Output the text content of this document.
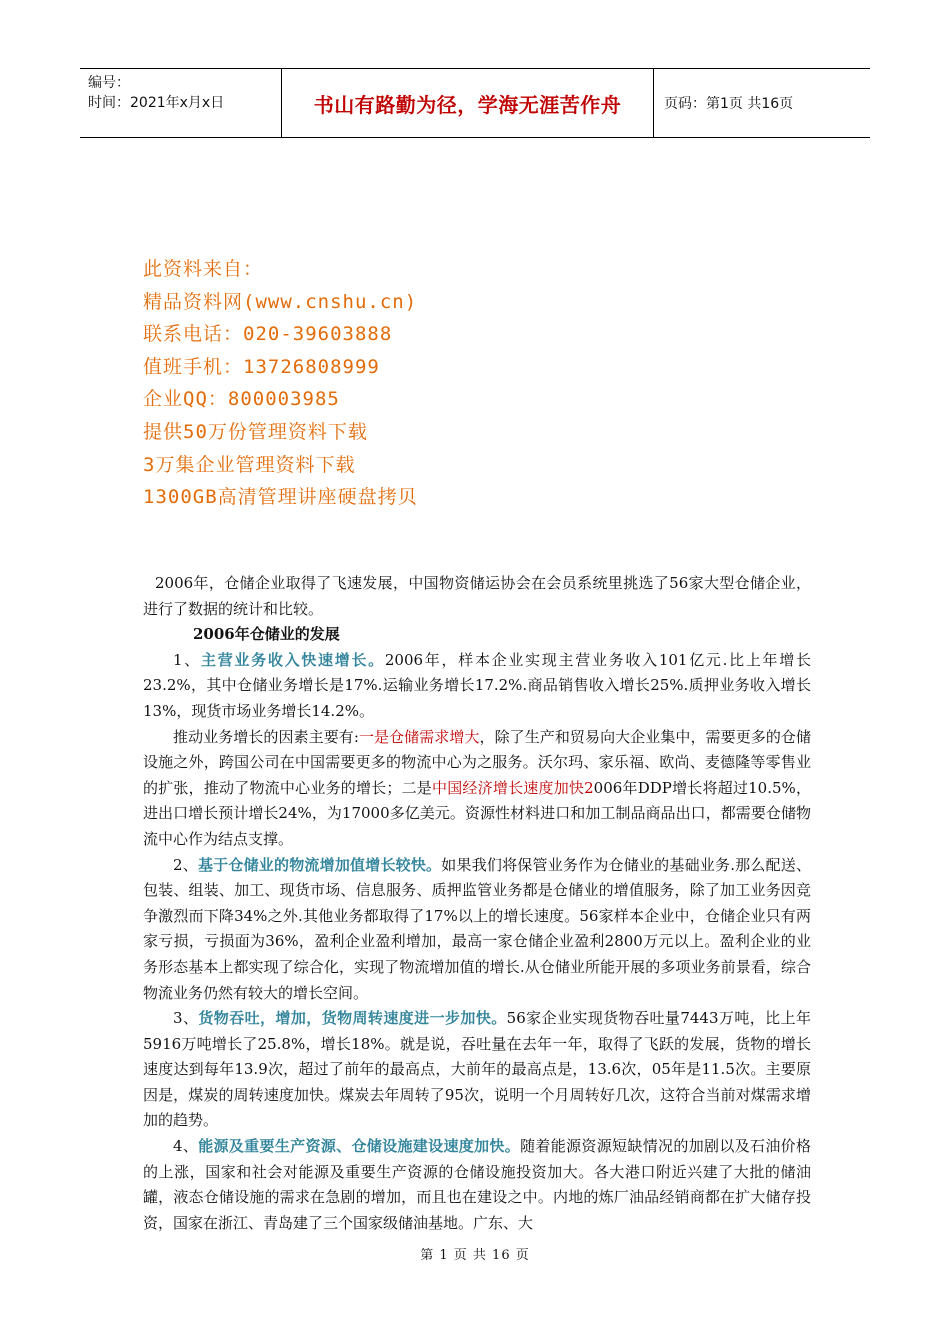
编号：
时间：2021年x月x日	书山有路勤为径，学海无涯苦作舟	页码：第1页 共16页
此资料来自：
精品资料网(www.cnshu.cn)
联系电话：020-39603888
值班手机：13726808999
企业QQ：800003985
提供50万份管理资料下载
3万集企业管理资料下载
1300GB高清管理讲座硬盘拷贝

2006年，仓储企业取得了飞速发展，中国物资储运协会在会员系统里挑选了56家大型仓储企业，进行了数据的统计和比较。

2006年仓储业的发展

1、主营业务收入快速增长。2006年，样本企业实现主营业务收入101亿元.比上年增长23.2%，其中仓储业务增长是17%.运输业务增长17.2%.商品销售收入增长25%.质押业务收入增长13%，现货市场业务增长14.2%。

推动业务增长的因素主要有:一是仓储需求增大，除了生产和贸易向大企业集中，需要更多的仓储设施之外，跨国公司在中国需要更多的物流中心为之服务。沃尔玛、家乐福、欧尚、麦德隆等零售业的扩张，推动了物流中心业务的增长；二是中国经济增长速度加快2006年DDP增长将超过10.5%，进出口增长预计增长24%，为17000多亿美元。资源性材料进口和加工制品商品出口，都需要仓储物流中心作为结点支撑。

2、基于仓储业的物流增加值增长较快。如果我们将保管业务作为仓储业的基础业务.那么配送、包装、组装、加工、现货市场、信息服务、质押监管业务都是仓储业的增值服务，除了加工业务因竞争激烈而下降34%之外.其他业务都取得了17%以上的增长速度。56家样本企业中，仓储企业只有两家亏损，亏损面为36%，盈利企业盈利增加，最高一家仓储企业盈利2800万元以上。盈利企业的业务形态基本上都实现了综合化，实现了物流增加值的增长.从仓储业所能开展的多项业务前景看，综合物流业务仍然有较大的增长空间。

3、货物吞吐，增加，货物周转速度进一步加快。56家企业实现货物吞吐量7443万吨，比上年5916万吨增长了25.8%，增长18%。就是说，吞吐量在去年一年，取得了飞跃的发展，货物的增长速度达到每年13.9次，超过了前年的最高点，大前年的最高点是，13.6次，05年是11.5次。主要原因是，煤炭的周转速度加快。煤炭去年周转了95次，说明一个月周转好几次，这符合当前对煤需求增加的趋势。

4、能源及重要生产资源、仓储设施建设速度加快。随着能源资源短缺情况的加剧以及石油价格的上涨，国家和社会对能源及重要生产资源的仓储设施投资加大。各大港口附近兴建了大批的储油罐，液态仓储设施的需求在急剧的增加，而且也在建设之中。内地的炼厂油品经销商都在扩大储存投资，国家在浙江、青岛建了三个国家级储油基地。广东、大

第 1 页 共 16 页
